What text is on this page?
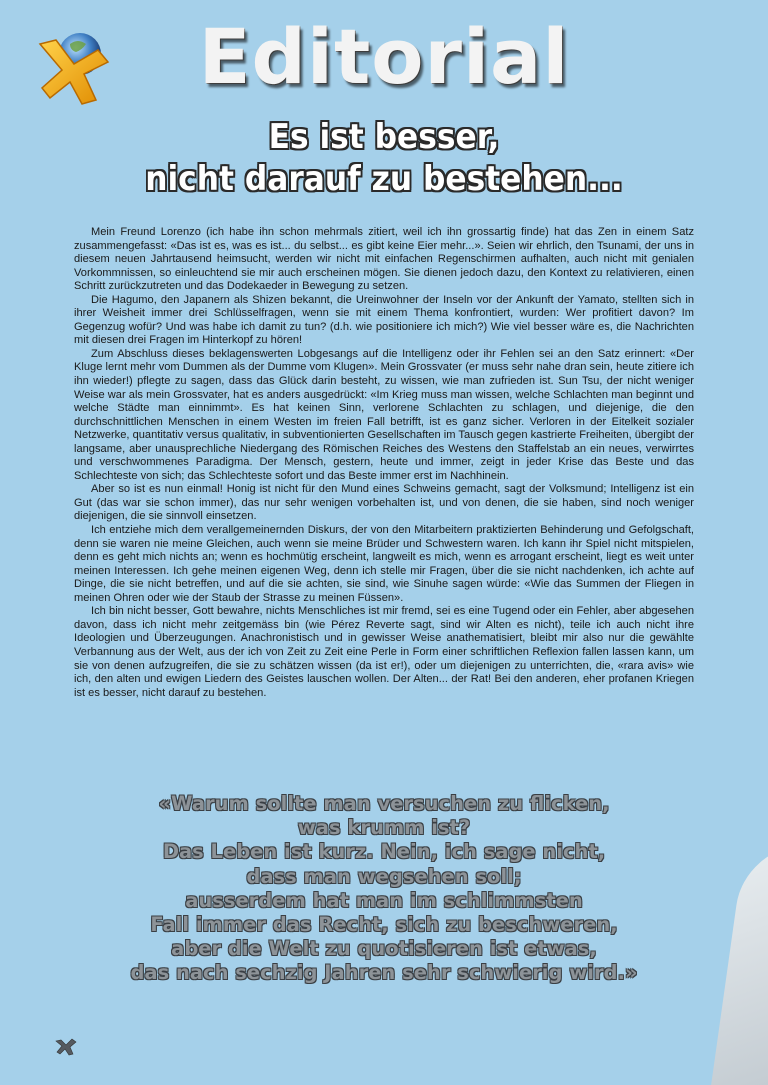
Editorial
Es ist besser,
nicht darauf zu bestehen...

Mein Freund Lorenzo (ich habe ihn schon mehrmals zitiert, weil ich ihn grossartig finde) hat das Zen in einem Satz zusammengefasst: «Das ist es, was es ist... du selbst... es gibt keine Eier mehr...». Seien wir ehrlich, den Tsunami, der uns in diesem neuen Jahrtausend heimsucht, werden wir nicht mit einfachen Regenschirmen aufhalten, auch nicht mit genialen Vorkommnissen, so einleuchtend sie mir auch erscheinen mögen. Sie dienen jedoch dazu, den Kontext zu relativieren, einen Schritt zurückzutreten und das Dodekaeder in Bewegung zu setzen.

Die Hagumo, den Japanern als Shizen bekannt, die Ureinwohner der Inseln vor der Ankunft der Yamato, stellten sich in ihrer Weisheit immer drei Schlüsselfragen, wenn sie mit einem Thema konfrontiert, wurden: Wer profitiert davon? Im Gegenzug wofür? Und was habe ich damit zu tun? (d.h. wie positioniere ich mich?) Wie viel besser wäre es, die Nachrichten mit diesen drei Fragen im Hinterkopf zu hören!

Zum Abschluss dieses beklagenswerten Lobgesangs auf die Intelligenz oder ihr Fehlen sei an den Satz erinnert: «Der Kluge lernt mehr vom Dummen als der Dumme vom Klugen». Mein Grossvater (er muss sehr nahe dran sein, heute zitiere ich ihn wieder!) pflegte zu sagen, dass das Glück darin besteht, zu wissen, wie man zufrieden ist. Sun Tsu, der nicht weniger Weise war als mein Grossvater, hat es anders ausgedrückt: «Im Krieg muss man wissen, welche Schlachten man beginnt und welche Städte man einnimmt». Es hat keinen Sinn, verlorene Schlachten zu schlagen, und diejenige, die den durchschnittlichen Menschen in einem Westen im freien Fall betrifft, ist es ganz sicher. Verloren in der Eitelkeit sozialer Netzwerke, quantitativ versus qualitativ, in subventionierten Gesellschaften im Tausch gegen kastrierte Freiheiten, übergibt der langsame, aber unausprechliche Niedergang des Römischen Reiches des Westens den Staffelstab an ein neues, verwirrtes und verschwommenes Paradigma. Der Mensch, gestern, heute und immer, zeigt in jeder Krise das Beste und das Schlechteste von sich; das Schlechteste sofort und das Beste immer erst im Nachhinein.

Aber so ist es nun einmal! Honig ist nicht für den Mund eines Schweins gemacht, sagt der Volksmund; Intelligenz ist ein Gut (das war sie schon immer), das nur sehr wenigen vorbehalten ist, und von denen, die sie haben, sind noch weniger diejenigen, die sie sinnvoll einsetzen.

Ich entziehe mich dem verallgemeinernden Diskurs, der von den Mitarbeitern praktizierten Behinderung und Gefolgschaft, denn sie waren nie meine Gleichen, auch wenn sie meine Brüder und Schwestern waren. Ich kann ihr Spiel nicht mitspielen, denn es geht mich nichts an; wenn es hochmütig erscheint, langweilt es mich, wenn es arrogant erscheint, liegt es weit unter meinen Interessen. Ich gehe meinen eigenen Weg, denn ich stelle mir Fragen, über die sie nicht nachdenken, ich achte auf Dinge, die sie nicht betreffen, und auf die sie achten, sie sind, wie Sinuhe sagen würde: «Wie das Summen der Fliegen in meinen Ohren oder wie der Staub der Strasse zu meinen Füssen».

Ich bin nicht besser, Gott bewahre, nichts Menschliches ist mir fremd, sei es eine Tugend oder ein Fehler, aber abgesehen davon, dass ich nicht mehr zeitgemäss bin (wie Pérez Reverte sagt, sind wir Alten es nicht), teile ich auch nicht ihre Ideologien und Überzeugungen. Anachronistisch und in gewisser Weise anathematisiert, bleibt mir also nur die gewählte Verbannung aus der Welt, aus der ich von Zeit zu Zeit eine Perle in Form einer schriftlichen Reflexion fallen lassen kann, um sie von denen aufzugreifen, die sie zu schätzen wissen (da ist er!), oder um diejenigen zu unterrichten, die, «rara avis» wie ich, den alten und ewigen Liedern des Geistes lauschen wollen. Der Alten... der Rat! Bei den anderen, eher profanen Kriegen ist es besser, nicht darauf zu bestehen.

«Warum sollte man versuchen zu flicken,
was krumm ist?
Das Leben ist kurz. Nein, ich sage nicht,
dass man wegsehen soll;
ausserdem hat man im schlimmsten
Fall immer das Recht, sich zu beschweren,
aber die Welt zu quotisieren ist etwas,
das nach sechzig Jahren sehr schwierig wird.»
